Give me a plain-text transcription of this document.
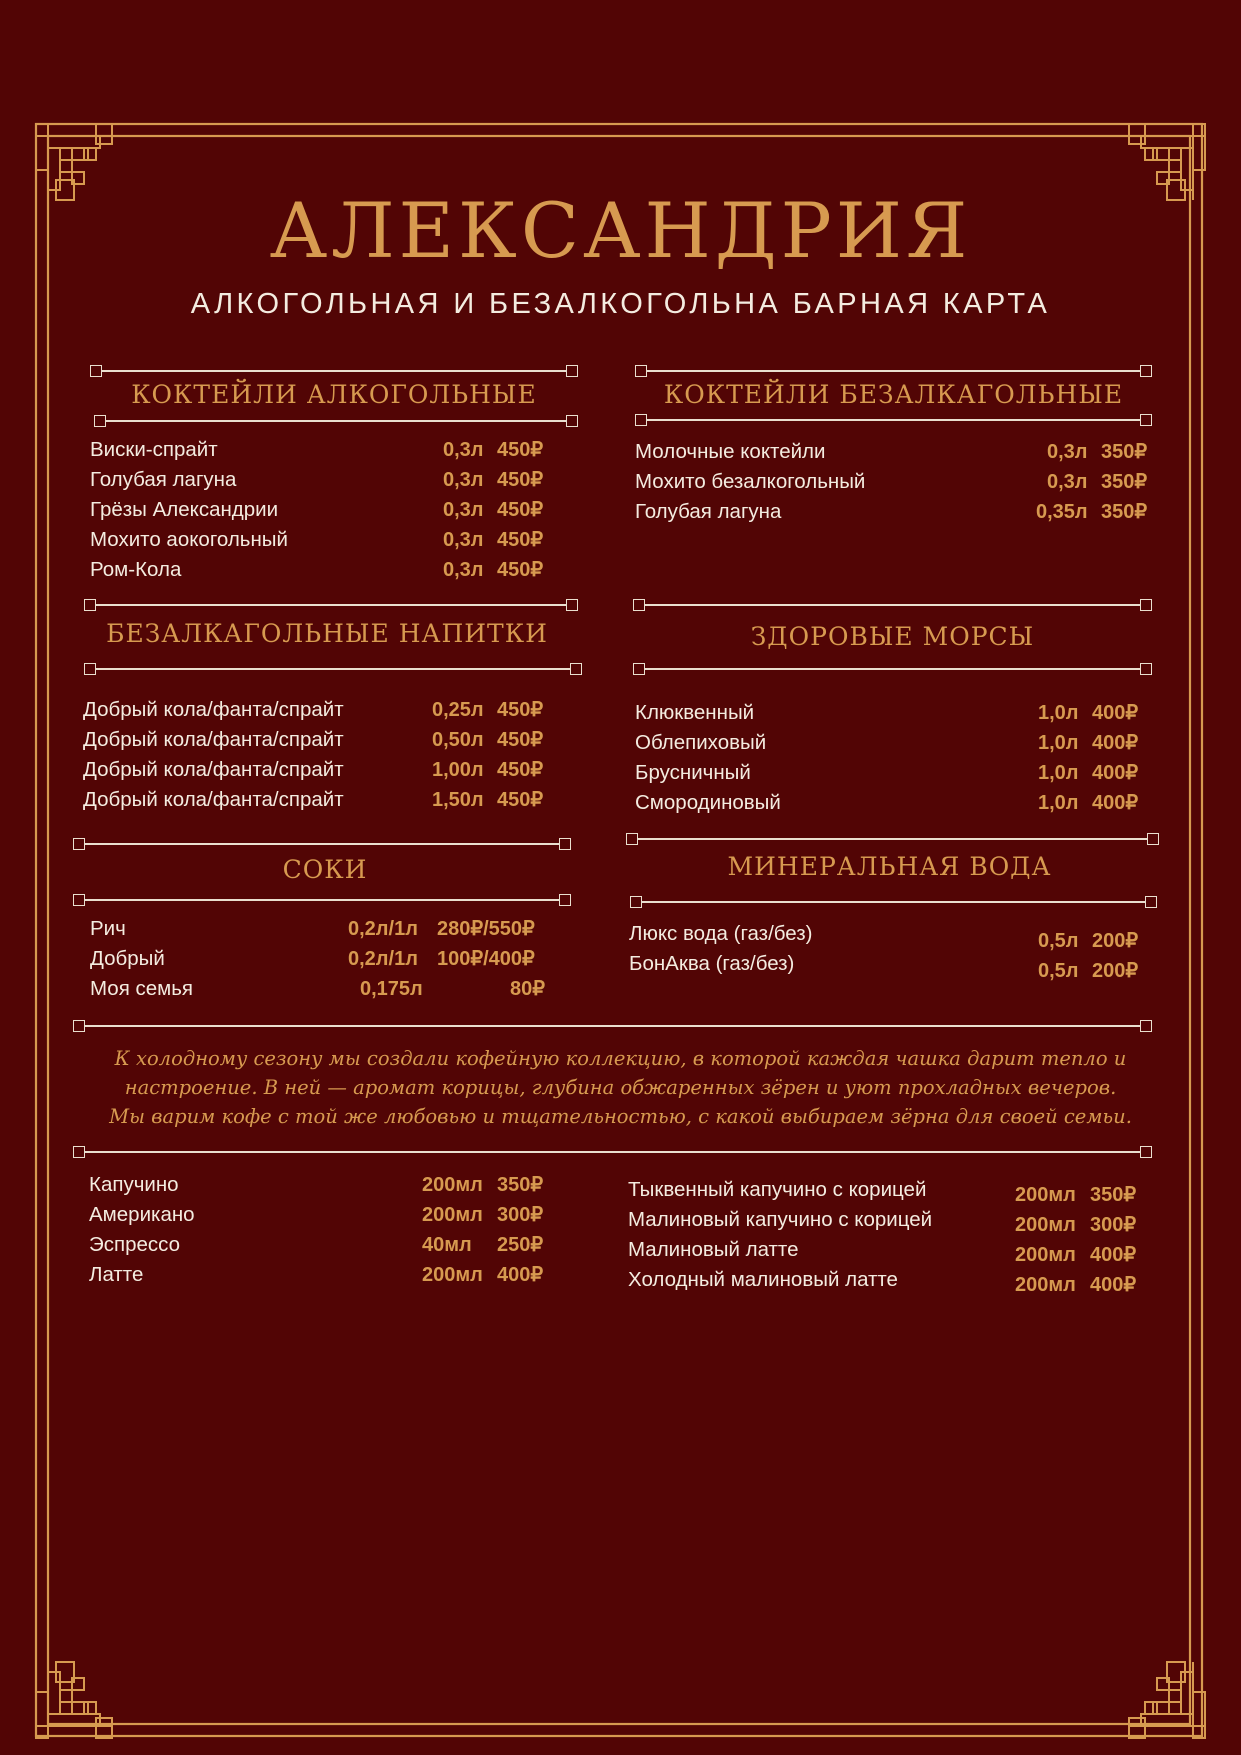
АЛЕКСАНДРИЯ
АЛКОГОЛЬНАЯ И БЕЗАЛКОГОЛЬНА БАРНАЯ КАРТА
КОКТЕЙЛИ АЛКОГОЛЬНЫЕ
Виски-спрайт	0,3л 450₽
Голубая лагуна	0,3л 450₽
Грёзы Александрии	0,3л 450₽
Мохито аокогольный	0,3л 450₽
Ром-Кола	0,3л 450₽
КОКТЕЙЛИ БЕЗАЛКАГОЛЬНЫЕ
Молочные коктейли	0,3л 350₽
Мохито безалкогольный	0,3л 350₽
Голубая лагуна	0,35л 350₽
БЕЗАЛКАГОЛЬНЫЕ НАПИТКИ
Добрый кола/фанта/спрайт	0,25л 450₽
Добрый кола/фанта/спрайт	0,50л 450₽
Добрый кола/фанта/спрайт	1,00л 450₽
Добрый кола/фанта/спрайт	1,50л 450₽
ЗДОРОВЫЕ МОРСЫ
Клюквенный	1,0л 400₽
Облепиховый	1,0л 400₽
Брусничный	1,0л 400₽
Смородиновый	1,0л 400₽
СОКИ
Рич	0,2л/1л 280₽/550₽
Добрый	0,2л/1л 100₽/400₽
Моя семья	0,175л	80₽
МИНЕРАЛЬНАЯ ВОДА
Люкс вода (газ/без)	0,5л 200₽
БонАква (газ/без)	0,5л 200₽

К холодному сезону мы создали кофейную коллекцию, в которой каждая чашка дарит тепло и
настроение. В ней — аромат корицы, глубина обжаренных зёрен и уют прохладных вечеров.
Мы варим кофе с той же любовью и тщательностью, с какой выбираем зёрна для своей семьи.

Капучино	200мл 350₽
Американо	200мл 300₽
Эспрессо	40мл 250₽
Латте	200мл 400₽
Тыквенный капучино с корицей	200мл 350₽
Малиновый капучино с корицей	200мл 300₽
Малиновый латте	200мл 400₽
Холодный малиновый латте	200мл 400₽
